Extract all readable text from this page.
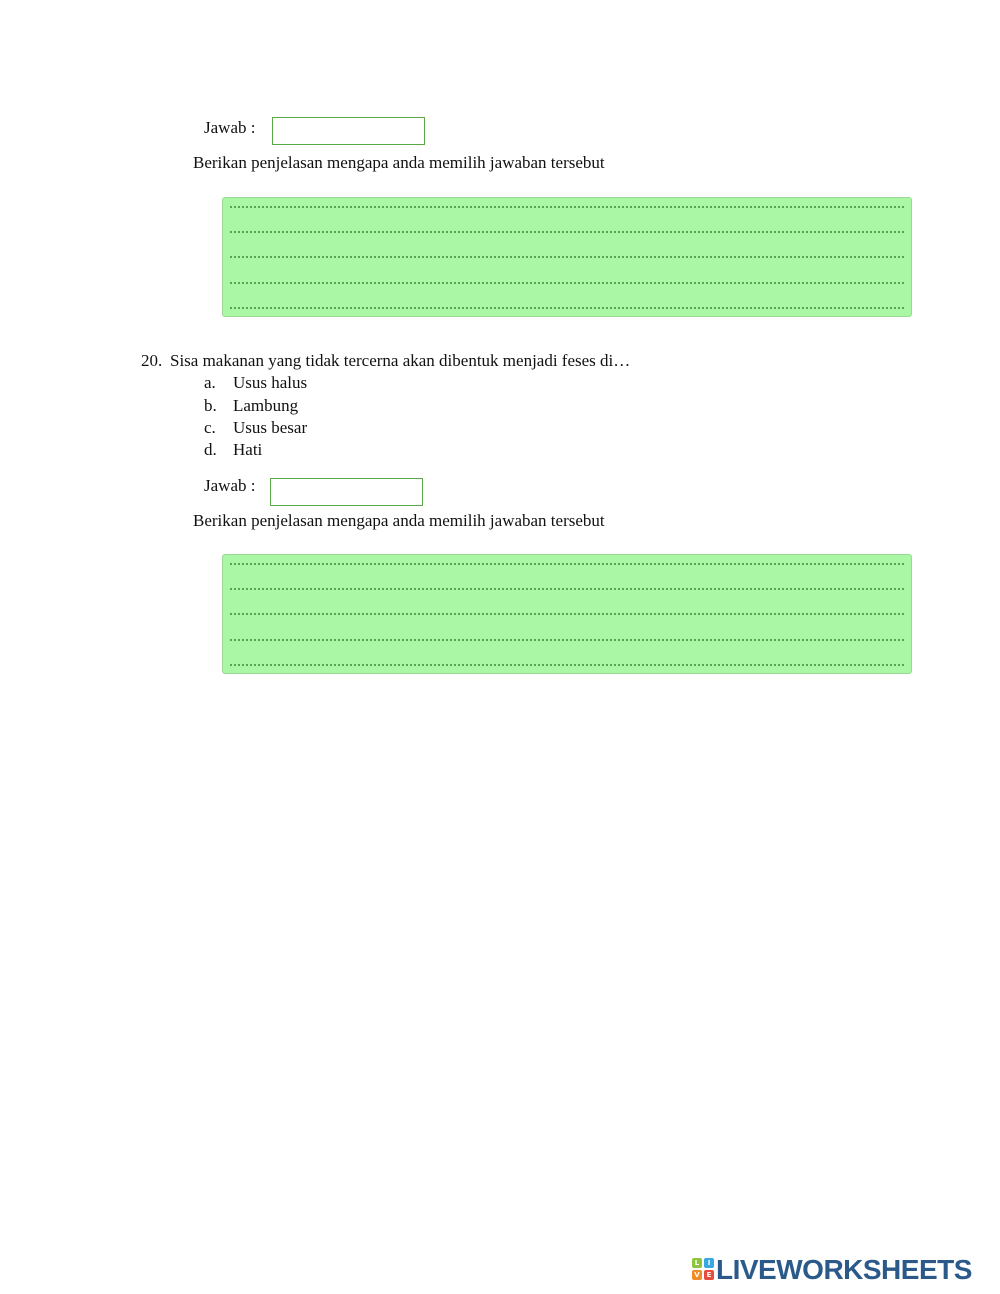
Jawab :
Berikan penjelasan mengapa anda memilih jawaban tersebut
20. Sisa makanan yang tidak tercerna akan dibentuk menjadi feses di…
a. Usus halus
b. Lambung
c. Usus besar
d. Hati
Jawab :
Berikan penjelasan mengapa anda memilih jawaban tersebut
L	I
V E LIVEWORKSHEETS
